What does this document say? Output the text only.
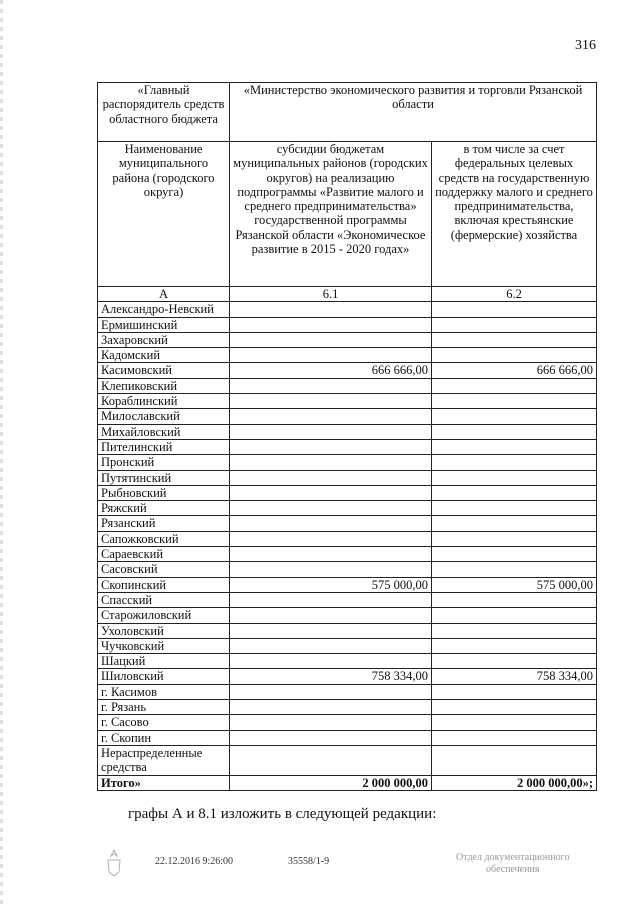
316
«Главный распорядитель средств областного бюджета	«Министерство экономического развития и торговли Рязанской области	
Наименование муниципального района (городского округа)	субсидии бюджетам муниципальных районов (городских округов) на реализацию подпрограммы «Развитие малого и среднего предпринимательства» государственной программы Рязанской области «Экономическое развитие в 2015 - 2020 годах»	в том числе за счет федеральных целевых средств на государственную поддержку малого и среднего предпринимательства, включая крестьянские (фермерские) хозяйства
А	6.1	6.2
Александро-Невский		
Ермишинский		
Захаровский		
Кадомский		
Касимовский	666 666,00	666 666,00
Клепиковский		
Кораблинский		
Милославский		
Михайловский		
Пителинский		
Пронский		
Путятинский		
Рыбновский		
Ряжский		
Рязанский		
Сапожковский		
Сараевский		
Сасовский		
Скопинский	575 000,00	575 000,00
Спасский		
Старожиловский		
Ухоловский		
Чучковский		
Шацкий		
Шиловский	758 334,00	758 334,00
г. Касимов		
г. Рязань		
г. Сасово		
г. Скопин		
Нераспределенные средства		
Итого»	2 000 000,00	2 000 000,00»;
графы А и 8.1 изложить в следующей редакции:
22.12.2016 9:26:00	35558/1-9	Отдел документационного
обеспечения
